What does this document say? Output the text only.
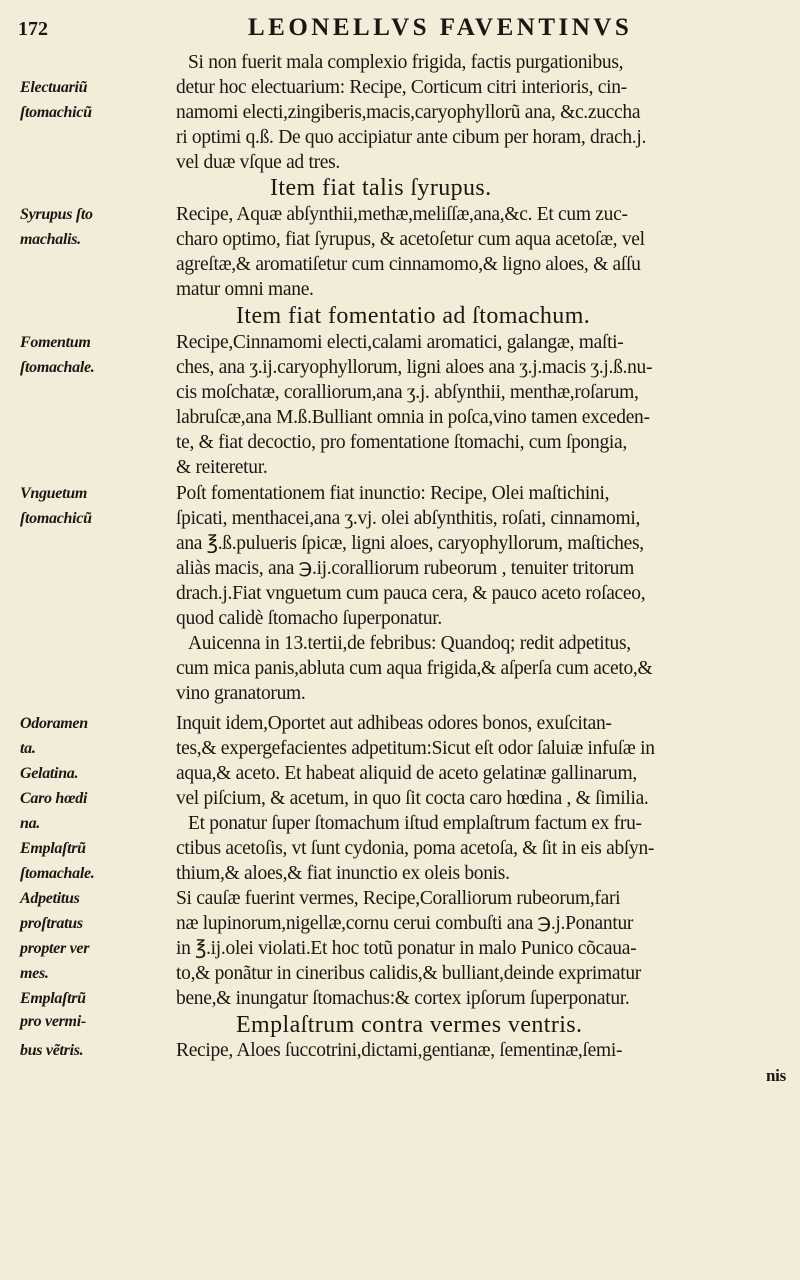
172	LEONELLVS FAVENTINVS
Si non fuerit mala complexio frigida, factis purgationibus,
Electuariũ	detur hoc electuarium: Recipe, Corticum citri interioris, cin-
ſtomachicũ	namomi electi,zingiberis,macis,caryophyllorũ ana, &c.zuccha
ri optimi q.ß. De quo accipiatur ante cibum per horam, drach.j.
vel duæ vſque ad tres.
Item fiat talis ſyrupus.
Syrupus ſto	Recipe, Aquæ abſynthii,methæ,meliſſæ,ana,&c. Et cum zuc-
machalis.	charo optimo, fiat ſyrupus, & acetoſetur cum aqua acetoſæ, vel
agreſtæ,& aromatiſetur cum cinnamomo,& ligno aloes, & aſſu
matur omni mane.
Item fiat fomentatio ad ſtomachum.
Fomentum	Recipe,Cinnamomi electi,calami aromatici, galangæ, maſti-
ſtomachale.	ches, ana ʒ.ij.caryophyllorum, ligni aloes ana ʒ.j.macis ʒ.j.ß.nu-
cis moſchatæ, coralliorum,ana ʒ.j. abſynthii, menthæ,roſarum,
labruſcæ,ana M.ß.Bulliant omnia in poſca,vino tamen exceden-
te, & fiat decoctio, pro fomentatione ſtomachi, cum ſpongia,
& reiteretur.
Vnguetum	Poſt fomentationem fiat inunctio: Recipe, Olei maſtichini,
ſtomachicũ	ſpicati, menthacei,ana ʒ.vj. olei abſynthitis, roſati, cinnamomi,
ana ℥.ß.pulueris ſpicæ, ligni aloes, caryophyllorum, maſtiches,
aliàs macis, ana ℈.ij.coralliorum rubeorum , tenuiter tritorum
drach.j.Fiat vnguetum cum pauca cera, & pauco aceto roſaceo,
quod calidè ſtomacho ſuperponatur.
Auicenna in 13.tertii,de febribus: Quandoq; redit adpetitus,
cum mica panis,abluta cum aqua frigida,& aſperſa cum aceto,&
vino granatorum.
Odoramen	Inquit idem,Oportet aut adhibeas odores bonos, exuſcitan-
ta.	tes,& expergefacientes adpetitum:Sicut eſt odor ſaluiæ infuſæ in
Gelatina.	aqua,& aceto. Et habeat aliquid de aceto gelatinæ gallinarum,
Caro hœdi	vel piſcium, & acetum, in quo ſit cocta caro hœdina , & ſimilia.
na.	Et ponatur ſuper ſtomachum iſtud emplaſtrum factum ex fru-
Emplaſtrũ	ctibus acetoſis, vt ſunt cydonia, poma acetoſa, & ſit in eis abſyn-
ſtomachale.	thium,& aloes,& fiat inunctio ex oleis bonis.
Adpetitus	Si cauſæ fuerint vermes, Recipe,Coralliorum rubeorum,fari
proſtratus	næ lupinorum,nigellæ,cornu cerui combuſti ana ℈.j.Ponantur
propter ver	in ℥.ij.olei violati.Et hoc totũ ponatur in malo Punico cõcaua-
mes.	to,& ponãtur in cineribus calidis,& bulliant,deinde exprimatur
Emplaſtrũ	bene,& inungatur ſtomachus:& cortex ipſorum ſuperponatur.
pro vermi-	Emplaſtrum contra vermes ventris.
bus vẽtris.	Recipe, Aloes ſuccotrini,dictami,gentianæ, ſementinæ,ſemi-
nis
